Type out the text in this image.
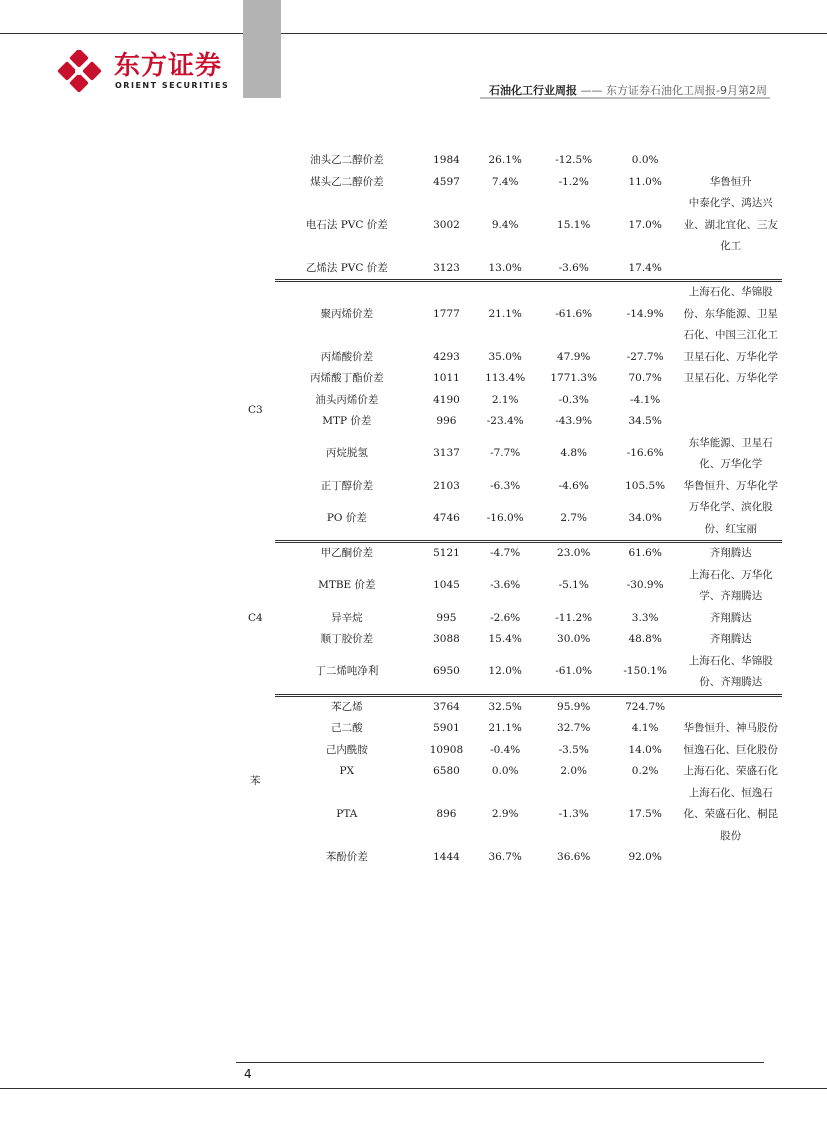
东方证券
ORIENT SECURITIES	石油化工行业周报 —— 东方证券石油化工周报-9月第2周
	油头乙二醇价差	1984	26.1%	-12.5%	0.0%	
	煤头乙二醇价差	4597	7.4%	-1.2%	11.0%	华鲁恒升
	电石法 PVC 价差	3002	9.4%	15.1%	17.0%	中泰化学、鸿达兴业、湖北宜化、三友化工
	乙烯法 PVC 价差	3123	13.0%	-3.6%	17.4%	
C3	聚丙烯价差	1777	21.1%	-61.6%	-14.9%	上海石化、华锦股份、东华能源、卫星石化、中国三江化工
	丙烯酸价差	4293	35.0%	47.9%	-27.7%	卫星石化、万华化学
	丙烯酸丁酯价差	1011	113.4%	1771.3%	70.7%	卫星石化、万华化学
	油头丙烯价差	4190	2.1%	-0.3%	-4.1%	
	MTP 价差	996	-23.4%	-43.9%	34.5%	
	丙烷脱氢	3137	-7.7%	4.8%	-16.6%	东华能源、卫星石化、万华化学
	正丁醇价差	2103	-6.3%	-4.6%	105.5%	华鲁恒升、万华化学
	PO 价差	4746	-16.0%	2.7%	34.0%	万华化学、滨化股份、红宝丽
C4	甲乙酮价差	5121	-4.7%	23.0%	61.6%	齐翔腾达
	MTBE 价差	1045	-3.6%	-5.1%	-30.9%	上海石化、万华化学、齐翔腾达
	异辛烷	995	-2.6%	-11.2%	3.3%	齐翔腾达
	顺丁胶价差	3088	15.4%	30.0%	48.8%	齐翔腾达
	丁二烯吨净利	6950	12.0%	-61.0%	-150.1%	上海石化、华锦股份、齐翔腾达
苯	苯乙烯	3764	32.5%	95.9%	724.7%	
	己二酸	5901	21.1%	32.7%	4.1%	华鲁恒升、神马股份
	己内酰胺	10908	-0.4%	-3.5%	14.0%	恒逸石化、巨化股份
	PX	6580	0.0%	2.0%	0.2%	上海石化、荣盛石化
	PTA	896	2.9%	-1.3%	17.5%	上海石化、恒逸石化、荣盛石化、桐昆股份
	苯酚价差	1444	36.7%	36.6%	92.0%	
4
